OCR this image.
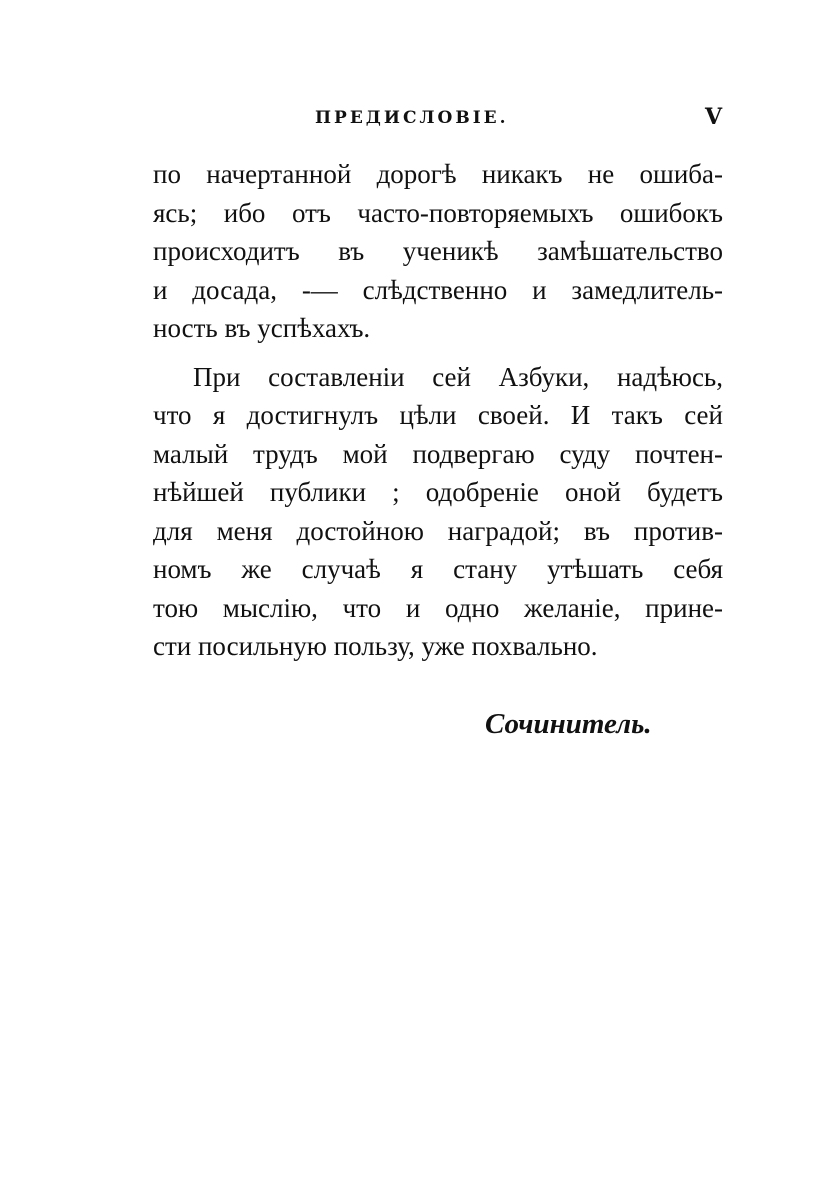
ПРЕДИСЛОВІЕ.	V
по начертанной дорогѣ никакъ не ошиба-
ясь; ибо отъ часто-повторяемыхъ ошибокъ
происходитъ въ ученикѣ замѣшательство
и досада, -— слѣдственно и замедлитель-
ность въ успѣхахъ.
При составленіи сей Азбуки, надѣюсь,
что я достигнулъ цѣли своей. И такъ сей
малый трудъ мой подвергаю суду почтен-
нѣйшей публики ; одобреніе оной будетъ
для меня достойною наградой; въ против-
номъ же случаѣ я стану утѣшать себя
тою мыслію, что и одно желаніе, прине-
сти посильную пользу, уже похвально.
Сочинитель.
